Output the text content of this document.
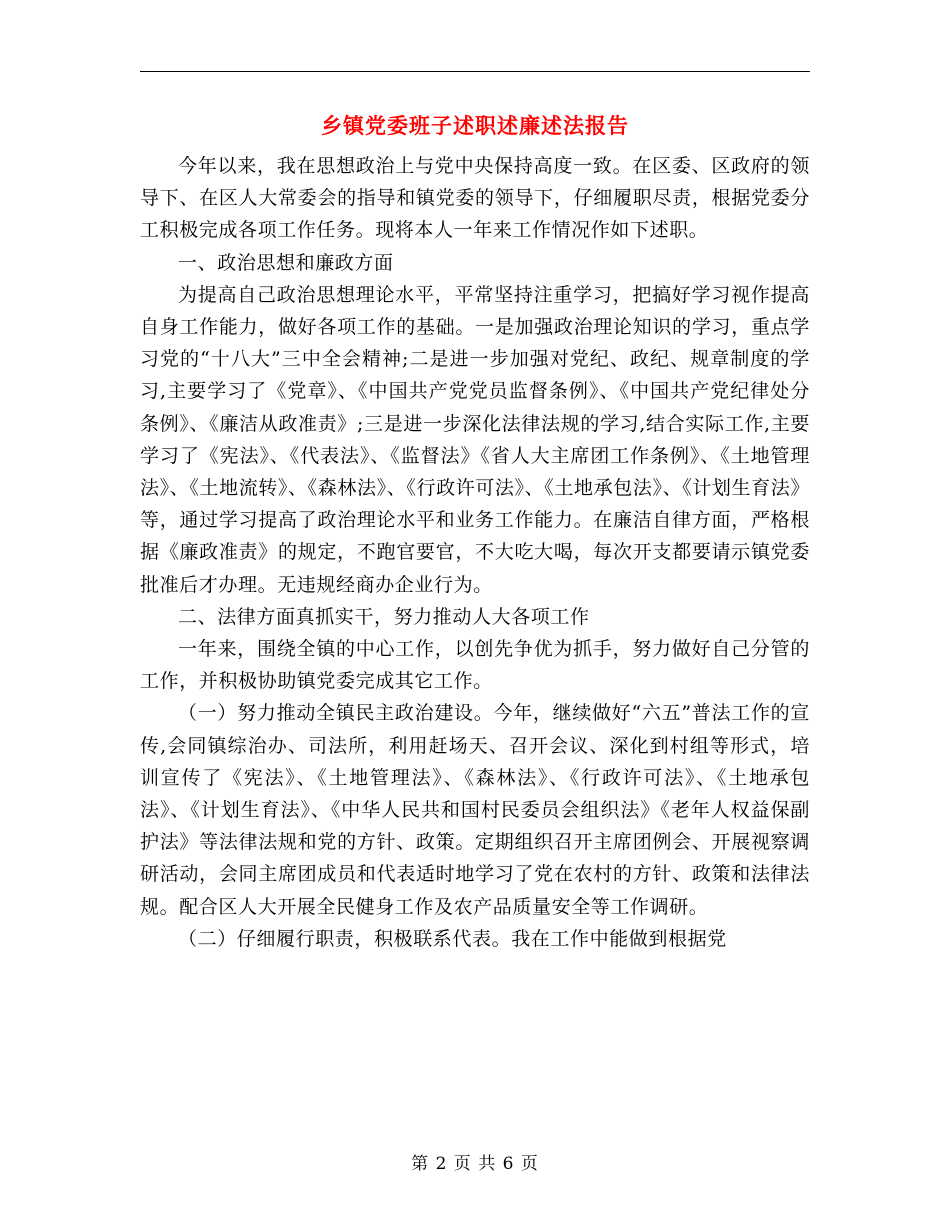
乡镇党委班子述职述廉述法报告

今年以来，我在思想政治上与党中央保持高度一致。在区委、区政府的领导下、在区人大常委会的指导和镇党委的领导下，仔细履职尽责，根据党委分工积极完成各项工作任务。现将本人一年来工作情况作如下述职。

一、政治思想和廉政方面

为提高自己政治思想理论水平，平常坚持注重学习，把搞好学习视作提高自身工作能力，做好各项工作的基础。一是加强政治理论知识的学习，重点学习党的“十八大”三中全会精神;二是进一步加强对党纪、政纪、规章制度的学习,主要学习了《党章》、《中国共产党党员监督条例》、《中国共产党纪律处分条例》、《廉洁从政准责》;三是进一步深化法律法规的学习,结合实际工作,主要学习了《宪法》、《代表法》、《监督法》《省人大主席团工作条例》、《土地管理法》、《土地流转》、《森林法》、《行政许可法》、《土地承包法》、《计划生育法》等，通过学习提高了政治理论水平和业务工作能力。在廉洁自律方面，严格根据《廉政准责》的规定，不跑官要官，不大吃大喝，每次开支都要请示镇党委批准后才办理。无违规经商办企业行为。

二、法律方面真抓实干，努力推动人大各项工作

一年来，围绕全镇的中心工作，以创先争优为抓手，努力做好自己分管的工作，并积极协助镇党委完成其它工作。

（一）努力推动全镇民主政治建设。今年，继续做好“六五”普法工作的宣传,会同镇综治办、司法所，利用赶场天、召开会议、深化到村组等形式，培训宣传了《宪法》、《土地管理法》、《森林法》、《行政许可法》、《土地承包法》、《计划生育法》、《中华人民共和国村民委员会组织法》《老年人权益保副护法》等法律法规和党的方针、政策。定期组织召开主席团例会、开展视察调研活动，会同主席团成员和代表适时地学习了党在农村的方针、政策和法律法规。配合区人大开展全民健身工作及农产品质量安全等工作调研。

（二）仔细履行职责，积极联系代表。我在工作中能做到根据党

第 2 页 共 6 页
